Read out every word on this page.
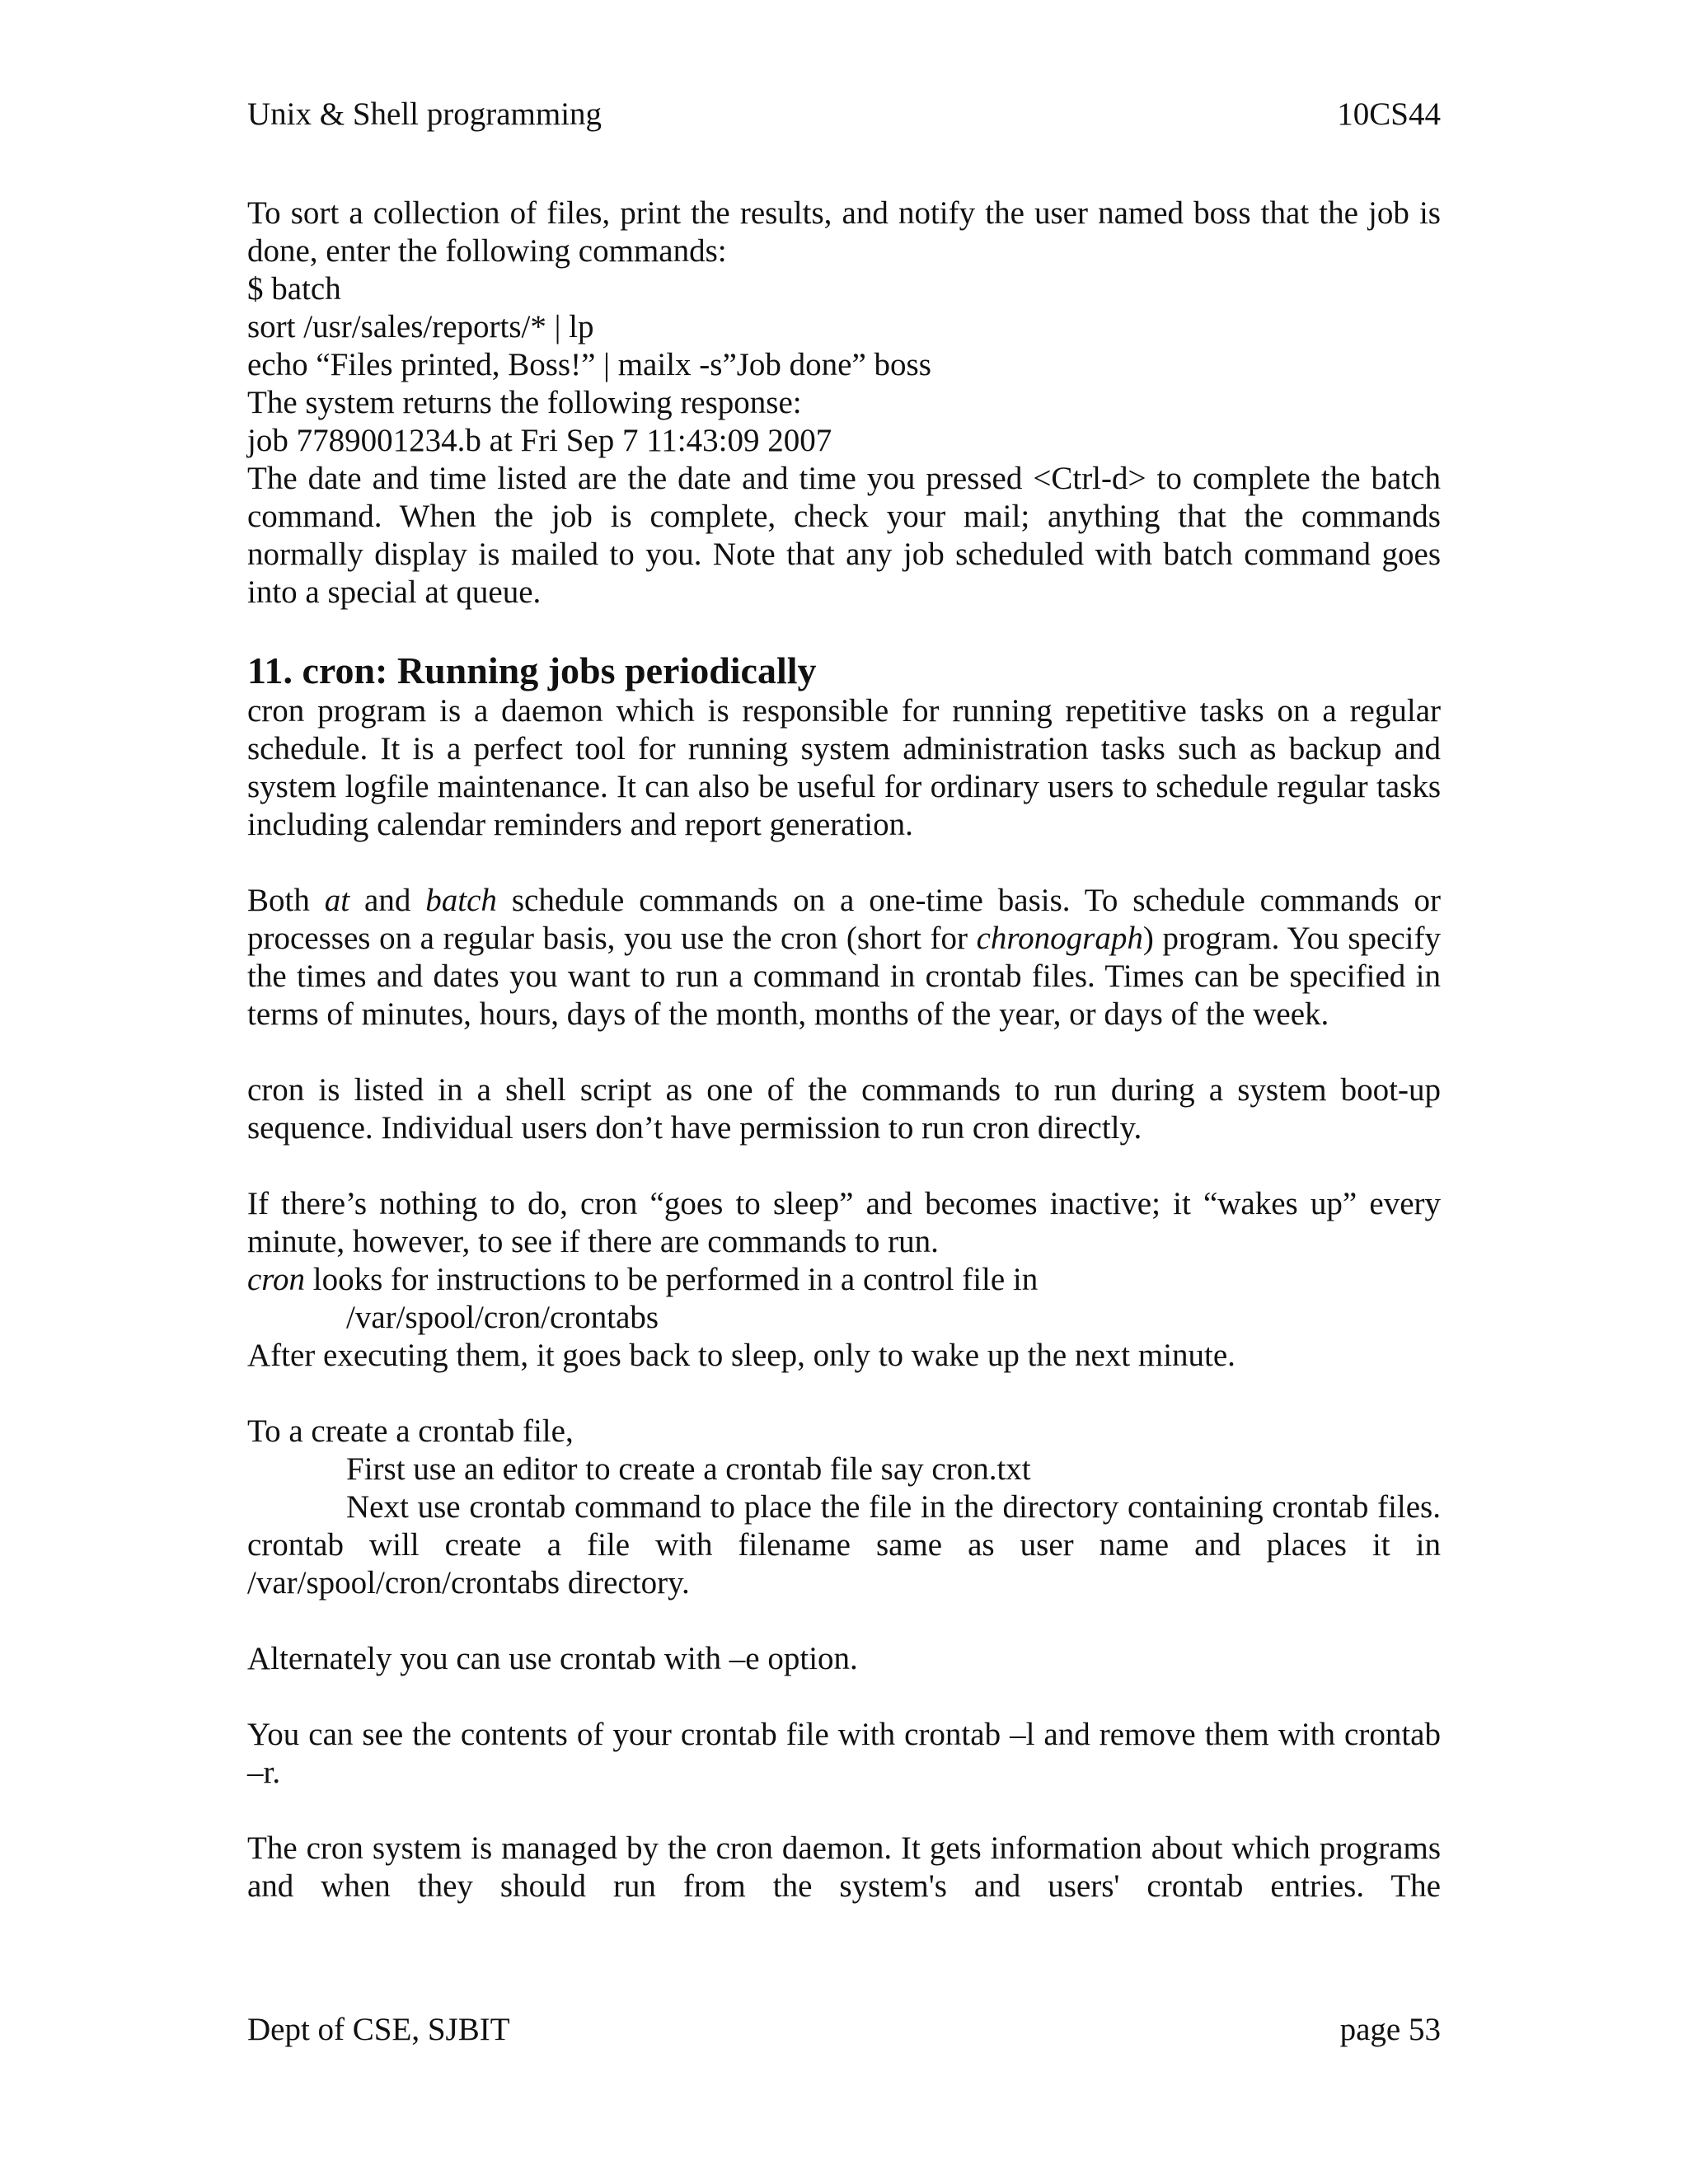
Unix & Shell programming	10CS44

To sort a collection of files, print the results, and notify the user named boss that the job is done, enter the following commands:

$ batch
sort /usr/sales/reports/* | lp
echo “Files printed, Boss!” | mailx -s”Job done” boss
The system returns the following response:
job 7789001234.b at Fri Sep 7 11:43:09 2007

The date and time listed are the date and time you pressed <Ctrl-d> to complete the batch command. When the job is complete, check your mail; anything that the commands normally display is mailed to you. Note that any job scheduled with batch command goes into a special at queue.

11. cron: Running jobs periodically

cron program is a daemon which is responsible for running repetitive tasks on a regular schedule. It is a perfect tool for running system administration tasks such as backup and system logfile maintenance. It can also be useful for ordinary users to schedule regular tasks including calendar reminders and report generation.

Both at and batch schedule commands on a one-time basis. To schedule commands or processes on a regular basis, you use the cron (short for chronograph) program. You specify the times and dates you want to run a command in crontab files. Times can be specified in terms of minutes, hours, days of the month, months of the year, or days of the week.

cron is listed in a shell script as one of the commands to run during a system boot-up sequence. Individual users don’t have permission to run cron directly.

If there’s nothing to do, cron “goes to sleep” and becomes inactive; it “wakes up” every minute, however, to see if there are commands to run.

cron looks for instructions to be performed in a control file in

/var/spool/cron/crontabs

After executing them, it goes back to sleep, only to wake up the next minute.

To a create a crontab file,

First use an editor to create a crontab file say cron.txt

Next use crontab command to place the file in the directory containing crontab files. crontab will create a file with filename same as user name and places it in /var/spool/cron/crontabs directory.

Alternately you can use crontab with –e option.

You can see the contents of your crontab file with crontab –l and remove them with crontab –r.

The cron system is managed by the cron daemon. It gets information about which programs and when they should run from the system's and users' crontab entries. The

Dept of CSE, SJBIT	page 53
